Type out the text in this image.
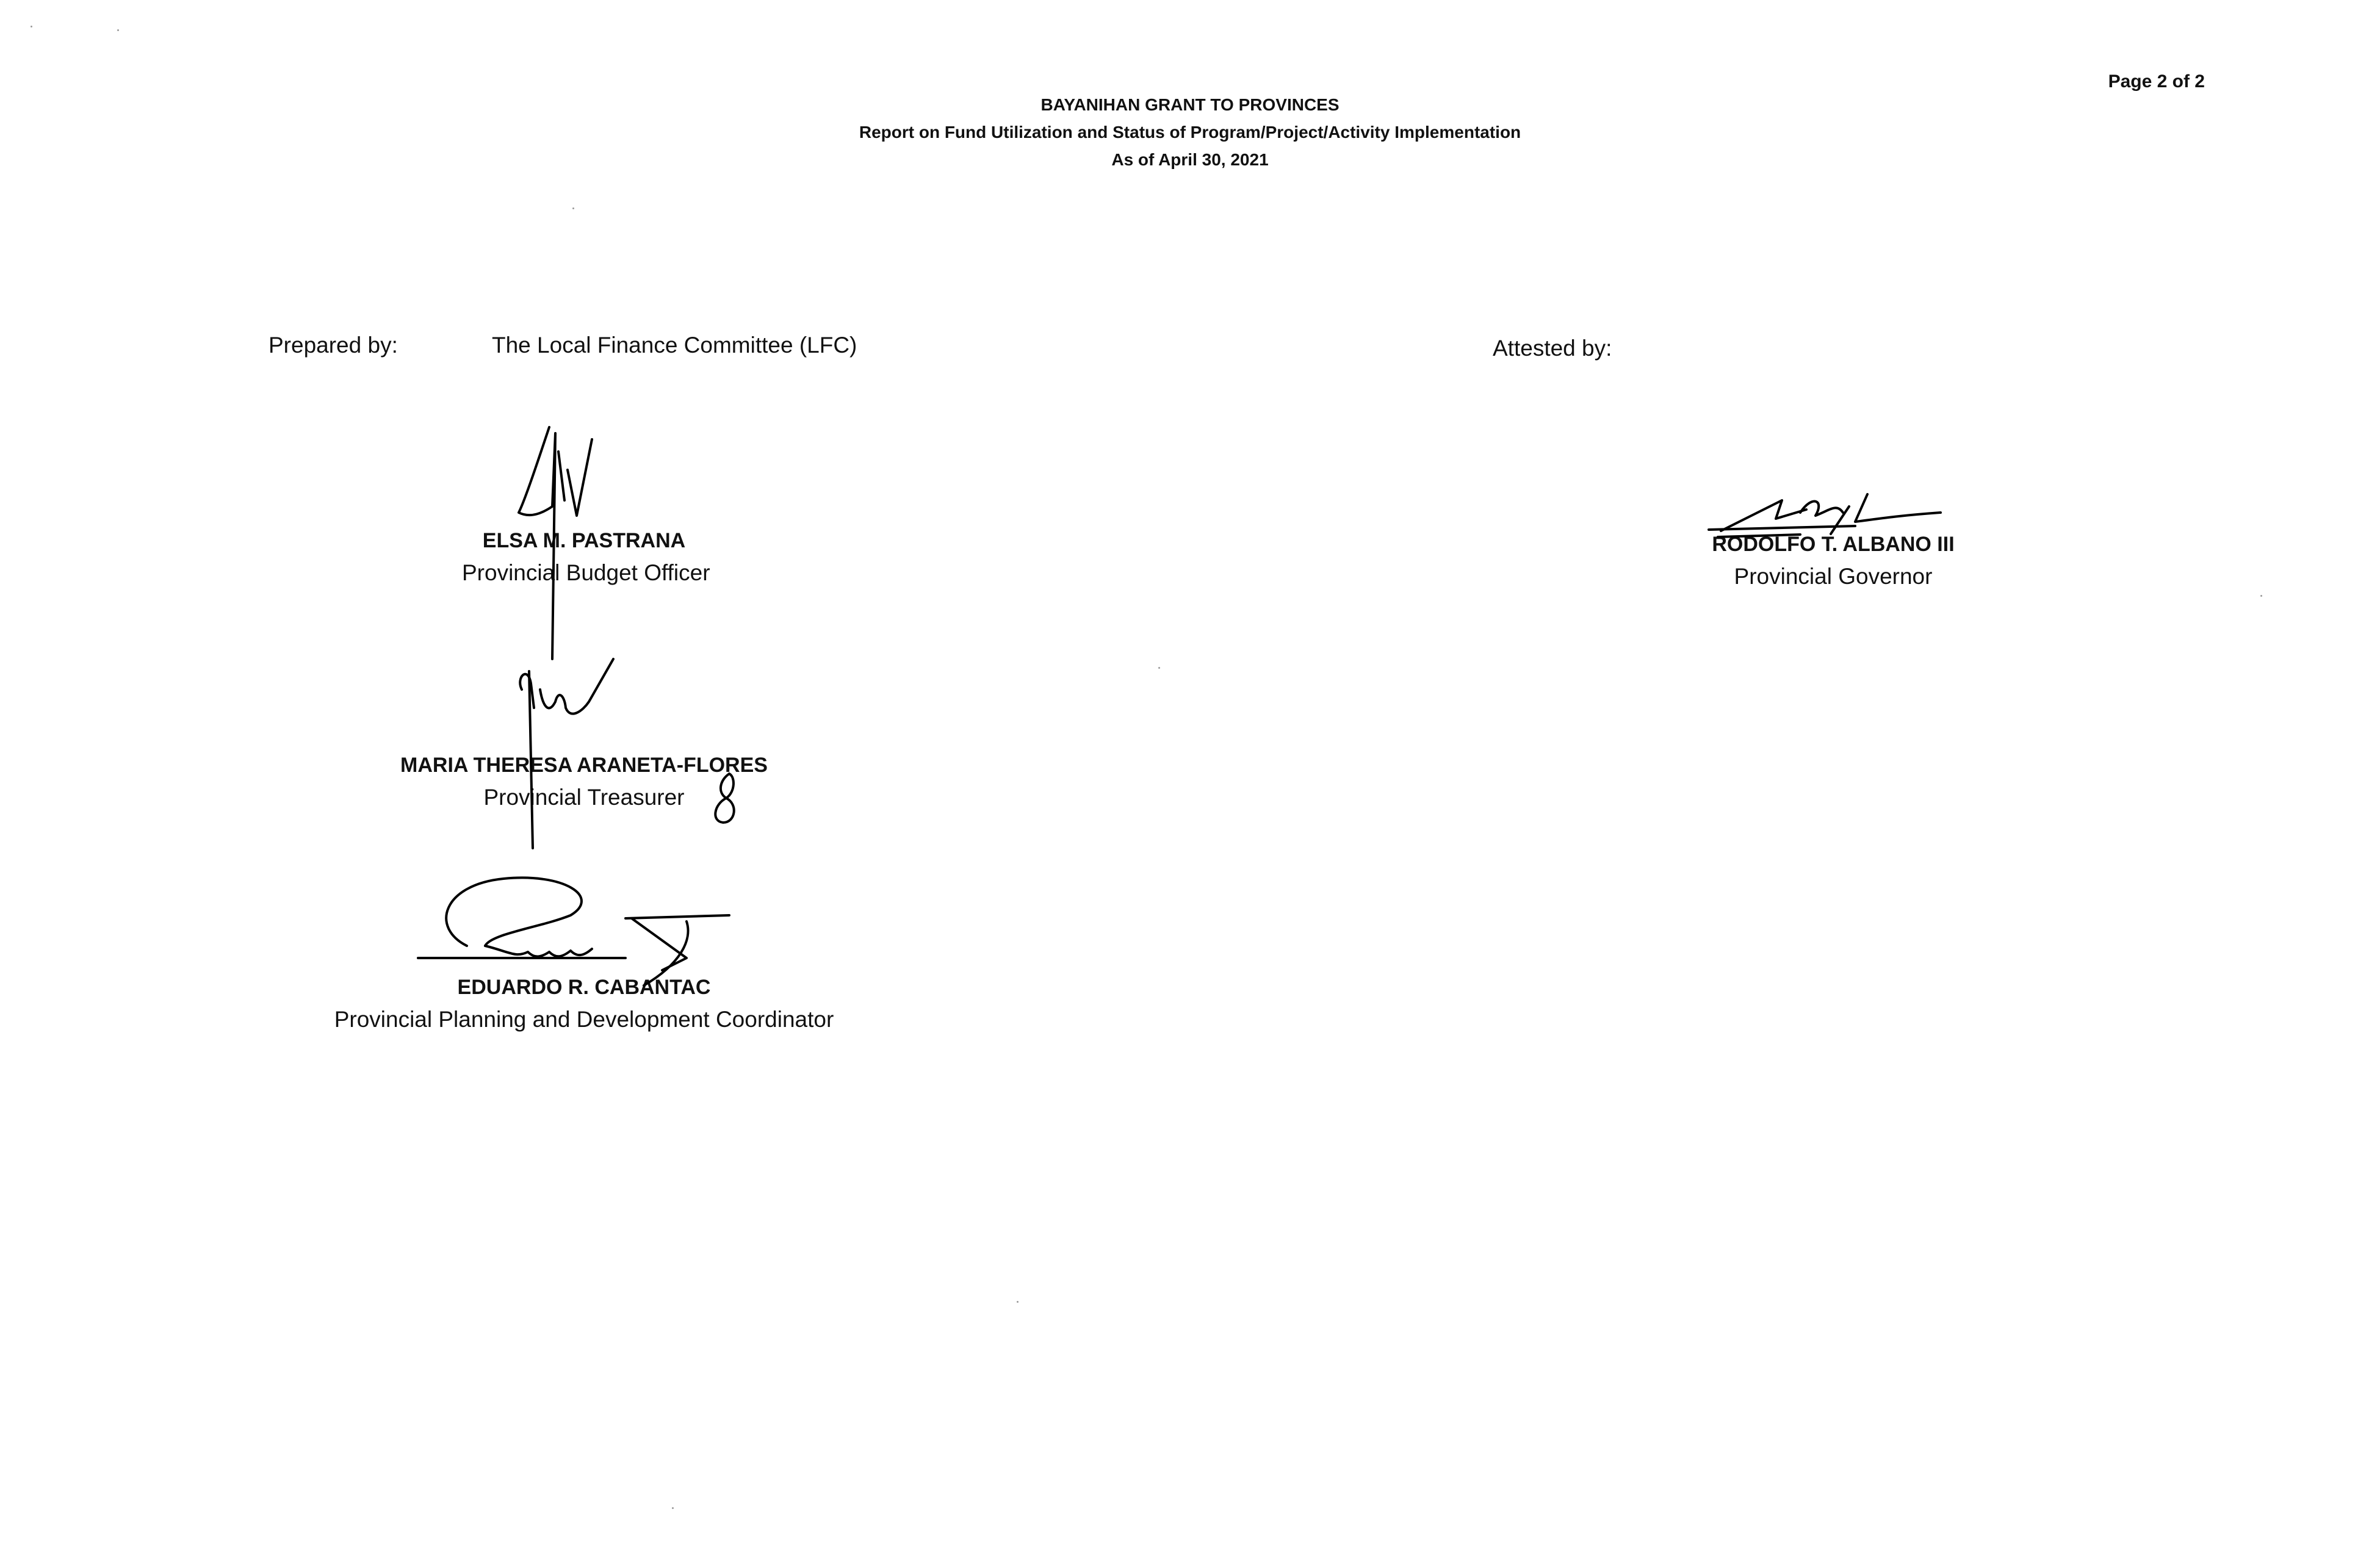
BAYANIHAN GRANT TO PROVINCES
Report on Fund Utilization and Status of Program/Project/Activity Implementation
As of April 30, 2021
Page 2 of 2
Prepared by:	The Local Finance Committee (LFC)
ELSA M. PASTRANA
Provincial Budget Officer
MARIA THERESA ARANETA-FLORES
Provincial Treasurer
EDUARDO R. CABANTAC
Provincial Planning and Development Coordinator
Attested by:
RODOLFO T. ALBANO III
Provincial Governor
